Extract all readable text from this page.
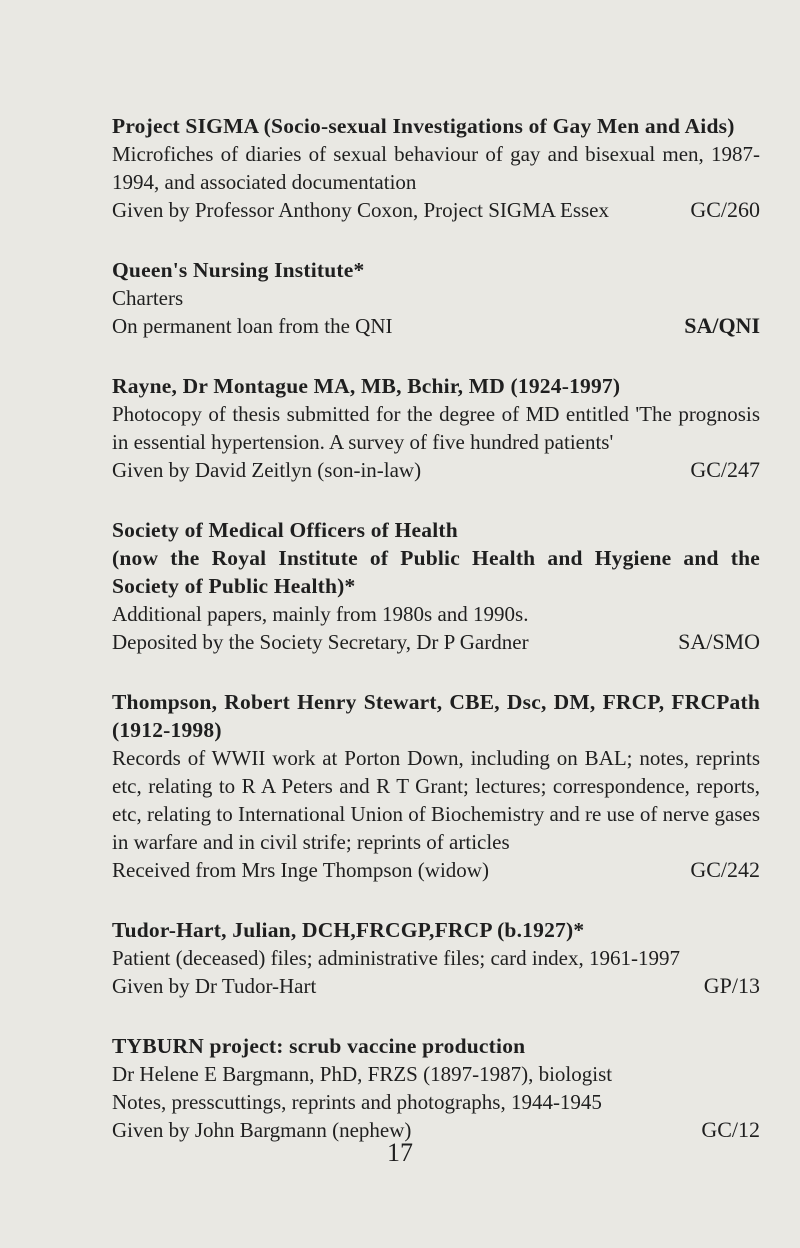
Project SIGMA (Socio-sexual Investigations of Gay Men and Aids)
Microfiches of diaries of sexual behaviour of gay and bisexual men, 1987-1994, and associated documentation
Given by Professor Anthony Coxon, Project SIGMA Essex	GC/260
Queen's Nursing Institute*
Charters
On permanent loan from the QNI	SA/QNI
Rayne, Dr Montague MA, MB, Bchir, MD (1924-1997)
Photocopy of thesis submitted for the degree of MD entitled 'The prognosis in essential hypertension. A survey of five hundred patients'
Given by David Zeitlyn (son-in-law)	GC/247
Society of Medical Officers of Health
(now the Royal Institute of Public Health and Hygiene and the Society of Public Health)*
Additional papers, mainly from 1980s and 1990s.
Deposited by the Society Secretary, Dr P Gardner	SA/SMO
Thompson, Robert Henry Stewart, CBE, Dsc, DM, FRCP, FRCPath (1912-1998)
Records of WWII work at Porton Down, including on BAL; notes, reprints etc, relating to R A Peters and R T Grant; lectures; correspondence, reports, etc, relating to International Union of Biochemistry and re use of nerve gases in warfare and in civil strife; reprints of articles
Received from Mrs Inge Thompson (widow)	GC/242
Tudor-Hart, Julian, DCH,FRCGP,FRCP (b.1927)*
Patient (deceased) files; administrative files; card index, 1961-1997
Given by Dr Tudor-Hart	GP/13
TYBURN project: scrub vaccine production
Dr Helene E Bargmann, PhD, FRZS (1897-1987), biologist
Notes, presscuttings, reprints and photographs, 1944-1945
Given by John Bargmann (nephew)	GC/12
17
